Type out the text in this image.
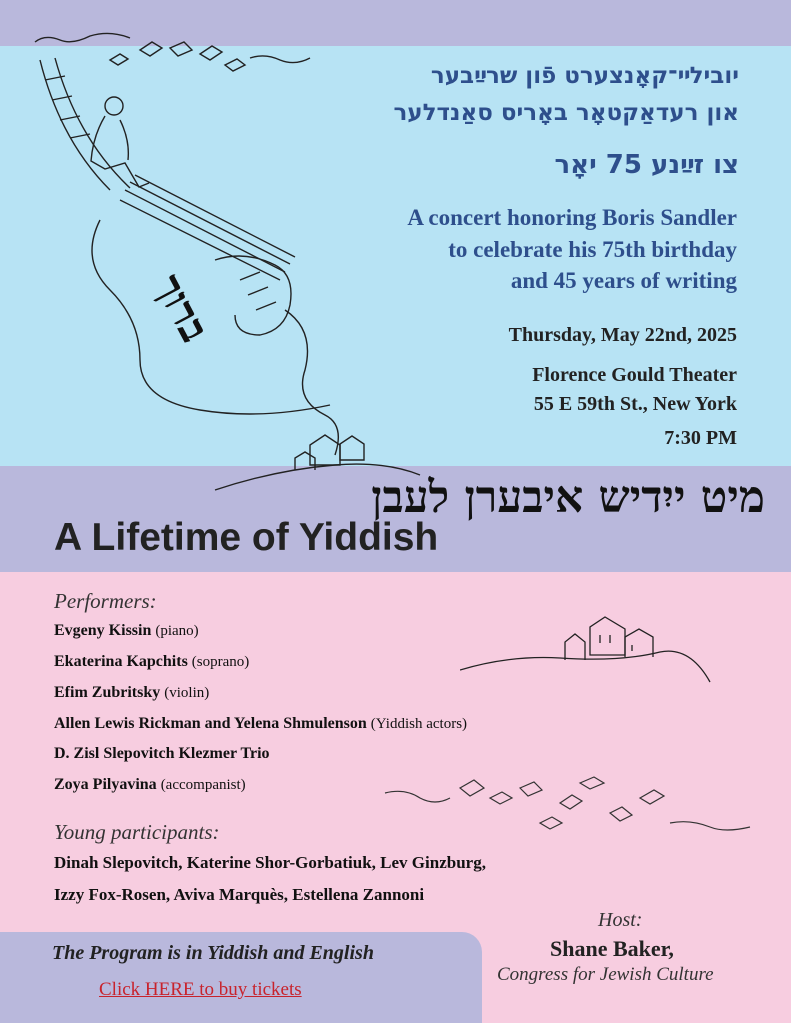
ברוך
יובילײ־קאָנצערט פֿון שרײַבער
און רעדאַקטאָר באָריס סאַנדלער
צו זײַנע 75 יאָר
A concert honoring Boris Sandler
to celebrate his 75th birthday
and 45 years of writing
Thursday, May 22nd, 2025
Florence Gould Theater
55 E 59th St., New York
7:30 PM
מיט ייִדיש איבערן לעבן
A Lifetime of Yiddish
Performers:
Evgeny Kissin (piano)
Ekaterina Kapchits (soprano)
Efim Zubritsky (violin)
Allen Lewis Rickman and Yelena Shmulenson (Yiddish actors)
D. Zisl Slepovitch Klezmer Trio
Zoya Pilyavina (accompanist)
Young participants:
Dinah Slepovitch, Katerine Shor-Gorbatiuk, Lev Ginzburg,
Izzy Fox-Rosen, Aviva Marquès, Estellena Zannoni
The Program is in Yiddish and English
Click HERE to buy tickets
Host:
Shane Baker,
Congress for Jewish Culture
